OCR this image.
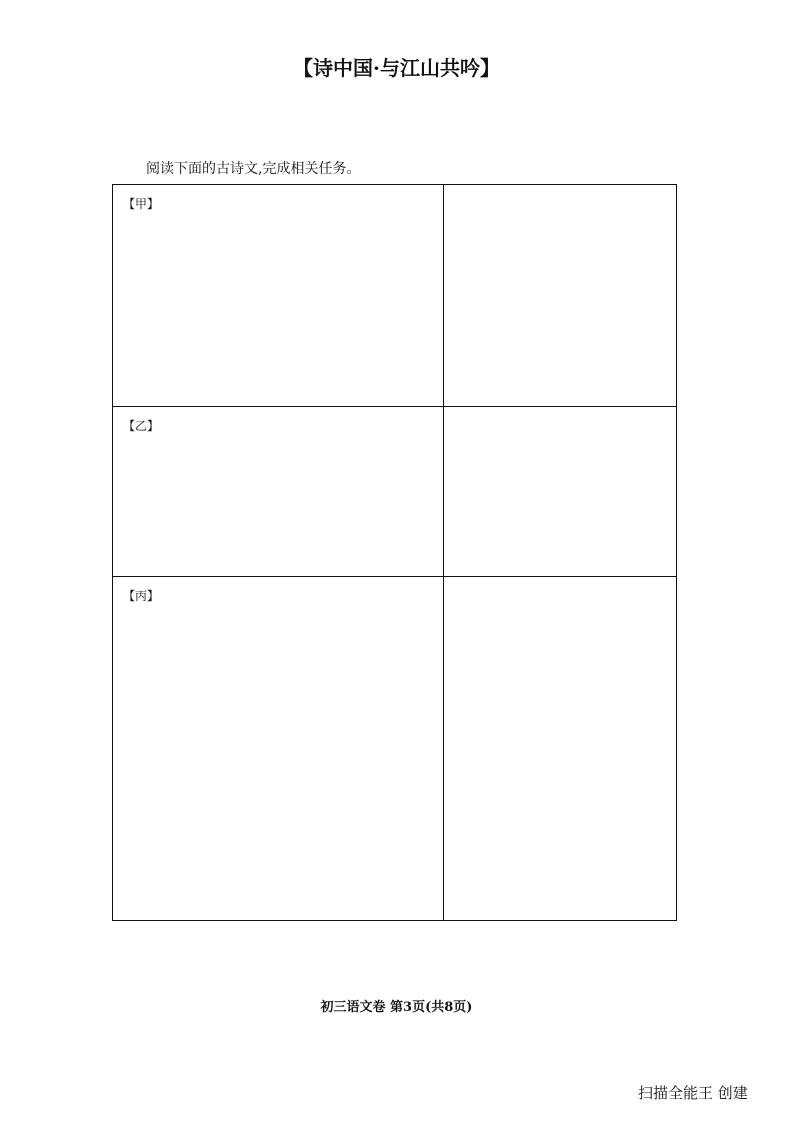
【诗中国·与江山共吟】
阅读下面的古诗文,完成相关任务。
【甲】	

【乙】	

【丙】	

初三语文卷 第3页(共8页)
扫描全能王 创建
